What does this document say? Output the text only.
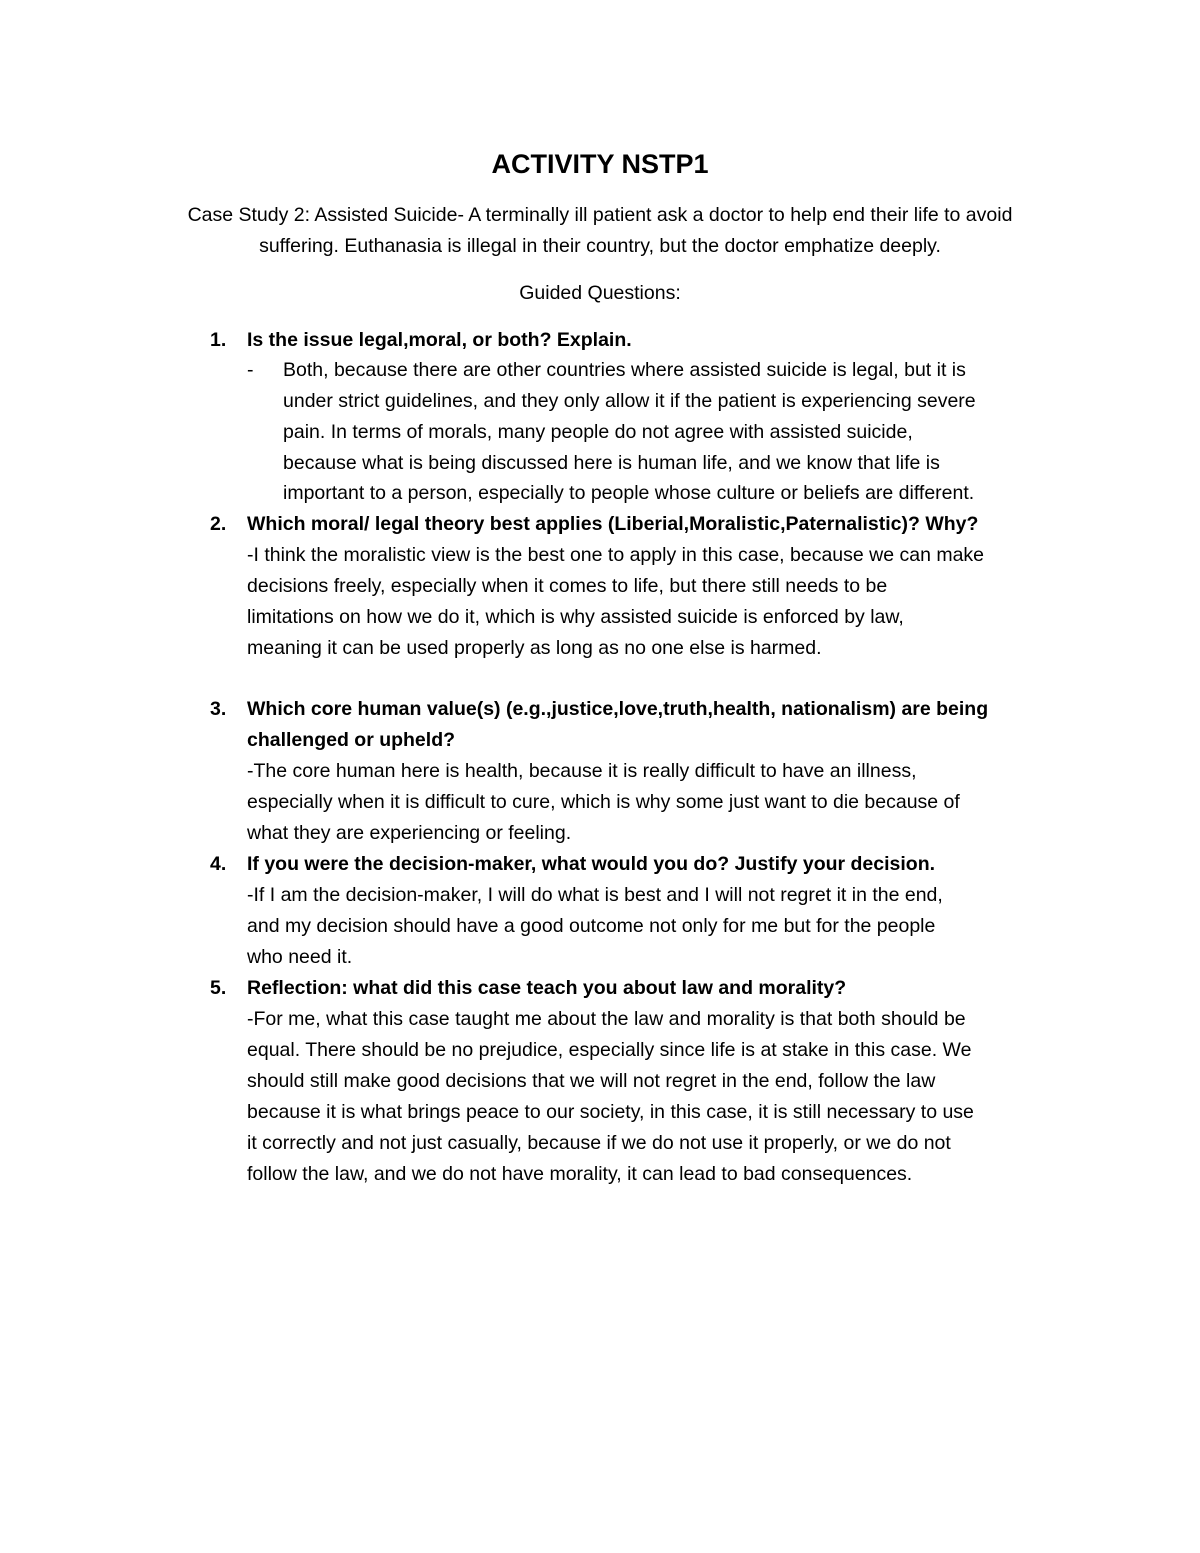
ACTIVITY NSTP1
Case Study 2: Assisted Suicide- A terminally ill patient ask a doctor to help end their life to avoid
suffering. Euthanasia is illegal in their country, but the doctor emphatize deeply.
Guided Questions:
1. Is the issue legal,moral, or both? Explain.
- Both, because there are other countries where assisted suicide is legal, but it is
under strict guidelines, and they only allow it if the patient is experiencing severe
pain. In terms of morals, many people do not agree with assisted suicide,
because what is being discussed here is human life, and we know that life is
important to a person, especially to people whose culture or beliefs are different.
2. Which moral/ legal theory best applies (Liberial,Moralistic,Paternalistic)? Why?
-I think the moralistic view is the best one to apply in this case, because we can make
decisions freely, especially when it comes to life, but there still needs to be
limitations on how we do it, which is why assisted suicide is enforced by law,
meaning it can be used properly as long as no one else is harmed.
3. Which core human value(s) (e.g.,justice,love,truth,health, nationalism) are being
challenged or upheld?
-The core human here is health, because it is really difficult to have an illness,
especially when it is difficult to cure, which is why some just want to die because of
what they are experiencing or feeling.
4. If you were the decision-maker, what would you do? Justify your decision.
-If I am the decision-maker, I will do what is best and I will not regret it in the end,
and my decision should have a good outcome not only for me but for the people
who need it.
5. Reflection: what did this case teach you about law and morality?
-For me, what this case taught me about the law and morality is that both should be
equal. There should be no prejudice, especially since life is at stake in this case. We
should still make good decisions that we will not regret in the end, follow the law
because it is what brings peace to our society, in this case, it is still necessary to use
it correctly and not just casually, because if we do not use it properly, or we do not
follow the law, and we do not have morality, it can lead to bad consequences.
